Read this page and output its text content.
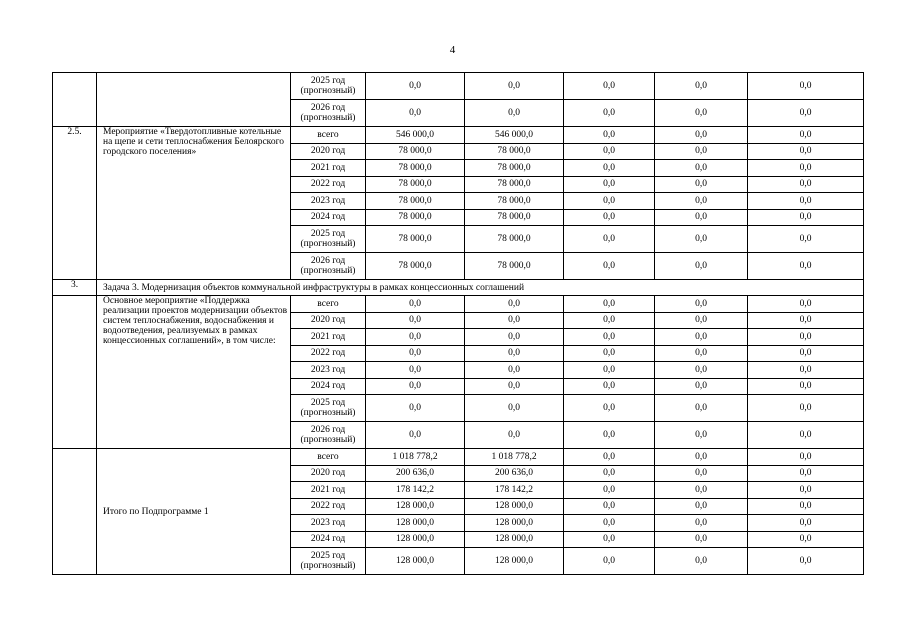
4
		2025 год (прогнозный)	0,0	0,0	0,0	0,0	0,0
		2026 год (прогнозный)	0,0	0,0	0,0	0,0	0,0
2.5.	Мероприятие «Твердотопливные котельные на щепе и сети теплоснабжения Белоярского городского поселения»	всего	546 000,0	546 000,0	0,0	0,0	0,0
		2020 год	78 000,0	78 000,0	0,0	0,0	0,0
		2021 год	78 000,0	78 000,0	0,0	0,0	0,0
		2022 год	78 000,0	78 000,0	0,0	0,0	0,0
		2023 год	78 000,0	78 000,0	0,0	0,0	0,0
		2024 год	78 000,0	78 000,0	0,0	0,0	0,0
		2025 год (прогнозный)	78 000,0	78 000,0	0,0	0,0	0,0
		2026 год (прогнозный)	78 000,0	78 000,0	0,0	0,0	0,0
3.	Задача 3. Модернизация объектов коммунальной инфраструктуры в рамках концессионных соглашений						
	Основное мероприятие «Поддержка реализации проектов модернизации объектов систем теплоснабжения, водоснабжения и водоотведения, реализуемых в рамках концессионных соглашений», в том числе:	всего	0,0	0,0	0,0	0,0	0,0
		2020 год	0,0	0,0	0,0	0,0	0,0
		2021 год	0,0	0,0	0,0	0,0	0,0
		2022 год	0,0	0,0	0,0	0,0	0,0
		2023 год	0,0	0,0	0,0	0,0	0,0
		2024 год	0,0	0,0	0,0	0,0	0,0
		2025 год (прогнозный)	0,0	0,0	0,0	0,0	0,0
		2026 год (прогнозный)	0,0	0,0	0,0	0,0	0,0
	Итого по Подпрограмме 1	всего	1 018 778,2	1 018 778,2	0,0	0,0	0,0
		2020 год	200 636,0	200 636,0	0,0	0,0	0,0
		2021 год	178 142,2	178 142,2	0,0	0,0	0,0
		2022 год	128 000,0	128 000,0	0,0	0,0	0,0
		2023 год	128 000,0	128 000,0	0,0	0,0	0,0
		2024 год	128 000,0	128 000,0	0,0	0,0	0,0
		2025 год (прогнозный)	128 000,0	128 000,0	0,0	0,0	0,0
